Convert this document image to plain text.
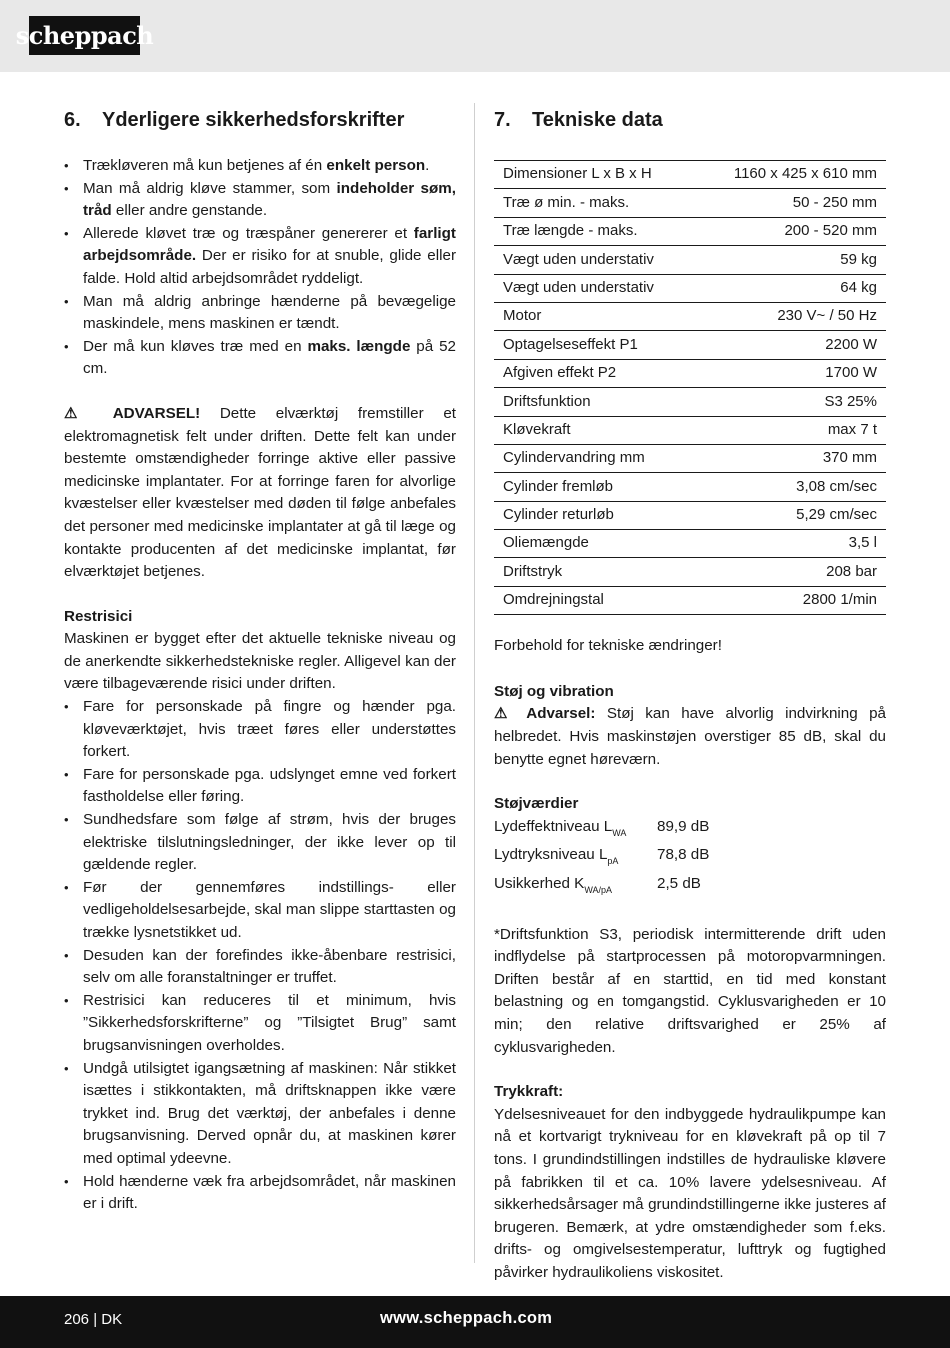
scheppach
6. Yderligere sikkerhedsforskrifter
• Trækløveren må kun betjenes af én enkelt person.
• Man må aldrig kløve stammer, som indeholder søm, tråd eller andre genstande.
• Allerede kløvet træ og træspåner genererer et farligt arbejdsområde. Der er risiko for at snuble, glide eller falde. Hold altid arbejdsområdet ryddeligt.
• Man må aldrig anbringe hænderne på bevægelige maskindele, mens maskinen er tændt.
• Der må kun kløves træ med en maks. længde på 52 cm.

⚠ ADVARSEL! Dette elværktøj fremstiller et elektromagnetisk felt under driften. Dette felt kan under bestemte omstændigheder forringe aktive eller passive medicinske implantater. For at forringe faren for alvorlige kvæstelser eller kvæstelser med døden til følge anbefales det personer med medicinske implantater at gå til læge og kontakte producenten af det medicinske implantat, før elværktøjet betjenes.

Restrisici

Maskinen er bygget efter det aktuelle tekniske niveau og de anerkendte sikkerhedstekniske regler. Alligevel kan der være tilbageværende risici under driften.

• Fare for personskade på fingre og hænder pga. kløveværktøjet, hvis træet føres eller understøttes forkert.
• Fare for personskade pga. udslynget emne ved forkert fastholdelse eller føring.
• Sundhedsfare som følge af strøm, hvis der bruges elektriske tilslutningsledninger, der ikke lever op til gældende regler.
• Før der gennemføres indstillings- eller vedligeholdelsesarbejde, skal man slippe starttasten og trække lysnetstikket ud.
• Desuden kan der forefindes ikke-åbenbare restrisici, selv om alle foranstaltninger er truffet.
• Restrisici kan reduceres til et minimum, hvis ”Sikkerhedsforskrifterne” og ”Tilsigtet Brug” samt brugsanvisningen overholdes.
• Undgå utilsigtet igangsætning af maskinen: Når stikket isættes i stikkontakten, må driftsknappen ikke være trykket ind. Brug det værktøj, der anbefales i denne brugsanvisning. Derved opnår du, at maskinen kører med optimal ydeevne.
• Hold hænderne væk fra arbejdsområdet, når maskinen er i drift.
7. Tekniske data
Dimensioner L x B x H	1160 x 425 x 610 mm
Træ ø min. - maks.	50 - 250 mm
Træ længde - maks.	200 - 520 mm
Vægt uden understativ	59 kg
Vægt uden understativ	64 kg
Motor	230 V~ / 50 Hz
Optagelseseffekt P1	2200 W
Afgiven effekt P2	1700 W
Driftsfunktion	S3 25%
Kløvekraft	max 7 t
Cylindervandring mm	370 mm
Cylinder fremløb	3,08 cm/sec
Cylinder returløb	5,29 cm/sec
Oliemængde	3,5 l
Driftstryk	208 bar
Omdrejningstal	2800 1/min
Forbehold for tekniske ændringer!
Støj og vibration

⚠ Advarsel: Støj kan have alvorlig indvirkning på helbredet. Hvis maskinstøjen overstiger 85 dB, skal du benytte egnet høreværn.

Støjværdier
Lydeffektniveau $L_{WA}$	89,9 dB
Lydtryksniveau $L_{pA}$	78,8 dB
Usikkerhed $K_{WA/pA}$	2,5 dB

*Driftsfunktion S3, periodisk intermitterende drift uden indflydelse på startprocessen på motoropvarmningen. Driften består af en starttid, en tid med konstant belastning og en tomgangstid. Cyklusvarigheden er 10 min; den relative driftsvarighed er 25% af cyklusvarigheden.

Trykkraft:

Ydelsesniveauet for den indbyggede hydraulikpumpe kan nå et kortvarigt trykniveau for en kløvekraft på op til 7 tons. I grundindstillingen indstilles de hydrauliske kløvere på fabrikken til et ca. 10% lavere ydelsesniveau. Af sikkerhedsårsager må grundindstillingerne ikke justeres af brugeren. Bemærk, at ydre omstændigheder som f.eks. drifts- og omgivelsestemperatur, lufttryk og fugtighed påvirker hydraulikoliens viskositet.

206 | DK	www.scheppach.com
